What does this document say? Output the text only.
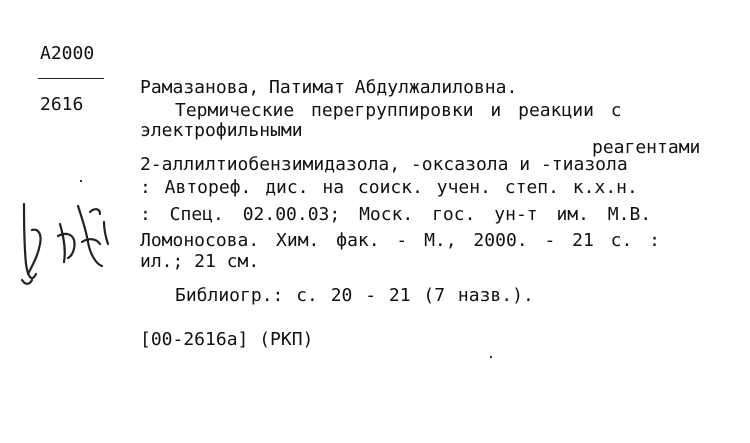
A2000
2616
Рамазанова, Патимат Абдулжалиловна.
Термические перегруппировки и реакции с
электрофильными
реагентами
2-аллилтиобензимидазола, -оксазола и -тиазола
: Автореф. дис. на соиск. учен. степ. к.х.н.
: Спец. 02.00.03; Моск. гос. ун-т им. М.В.
Ломоносова. Хим. фак. - М., 2000. - 21 с. :
ил.; 21 см.
Библиогр.: с. 20 - 21 (7 назв.).
[00-2616а] (РКП)
